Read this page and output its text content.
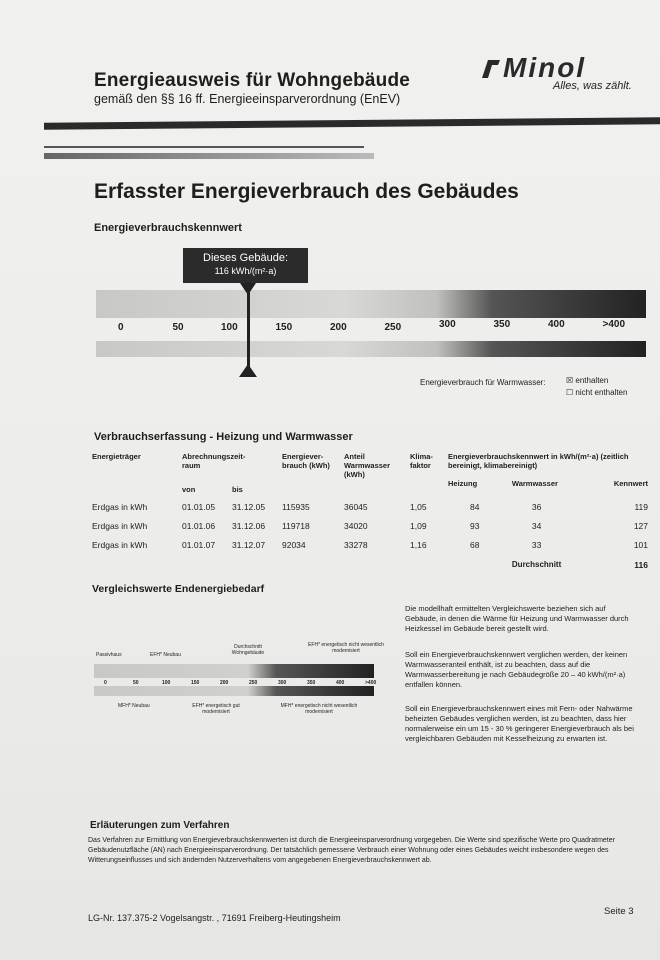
Energieausweis für Wohngebäude
gemäß den §§ 16 ff. Energieeinsparverordnung (EnEV)
Minol
Alles, was zählt.
Erfasster Energieverbrauch des Gebäudes
Energieverbrauchskennwert
Dieses Gebäude:
116 kWh/(m²·a)
0	50	100	150	200	250	300	350	400	>400
Energieverbrauch für Warmwasser:	☒ enthalten
☐ nicht enthalten
Verbrauchserfassung - Heizung und Warmwasser
Energieträger	Abrechnungszeit- raum		Energiever- brauch (kWh)	Anteil Warmwasser (kWh)	Klima- faktor	Energieverbrauchskennwert in kWh/(m²·a) (zeitlich bereinigt, klimabereinigt)		

	von	bis				Heizung	Warmwasser	Kennwert
Erdgas in kWh	01.01.05	31.12.05	115935	36045	1,05	84	36	119
Erdgas in kWh	01.01.06	31.12.06	119718	34020	1,09	93	34	127
Erdgas in kWh	01.01.07	31.12.07	92034	33278	1,16	68	33	101
							Durchschnitt	116
Vergleichswerte Endenergiebedarf
Passivhaus	EFH* Neubau
Durchschnitt Wohngebäude
EFH* energetisch nicht wesentlich modernisiert
0	50	100	150	200	250	300	350	400	>400
MFH* Neubau	EFH* energetisch gut modernisiert
MFH* energetisch nicht wesentlich modernisiert
Die modellhaft ermittelten Vergleichswerte beziehen sich auf Gebäude, in denen die Wärme für Heizung und Warmwasser durch Heizkessel im Gebäude bereit gestellt wird.
Soll ein Energieverbrauchskennwert verglichen werden, der keinen Warmwasseranteil enthält, ist zu beachten, dass auf die Warmwasserbereitung je nach Gebäudegröße 20 – 40 kWh/(m²·a) entfallen können.
Soll ein Energieverbrauchskennwert eines mit Fern- oder Nahwärme beheizten Gebäudes verglichen werden, ist zu beachten, dass hier normalerweise ein um 15 - 30 % geringerer Energieverbrauch als bei vergleichbaren Gebäuden mit Kesselheizung zu erwarten ist.
Erläuterungen zum Verfahren
Das Verfahren zur Ermittlung von Energieverbrauchskennwerten ist durch die Energieeinsparverordnung vorgegeben. Die Werte sind spezifische Werte pro Quadratmeter Gebäudenutzfläche (AN) nach Energieeinsparverordnung. Der tatsächlich gemessene Verbrauch einer Wohnung oder eines Gebäudes weicht insbesondere wegen des Witterungseinflusses und sich ändernden Nutzerverhaltens vom angegebenen Energieverbrauchskennwert ab.
LG-Nr. 137.375-2 Vogelsangstr. , 71691 Freiberg-Heutingsheim
Seite 3
